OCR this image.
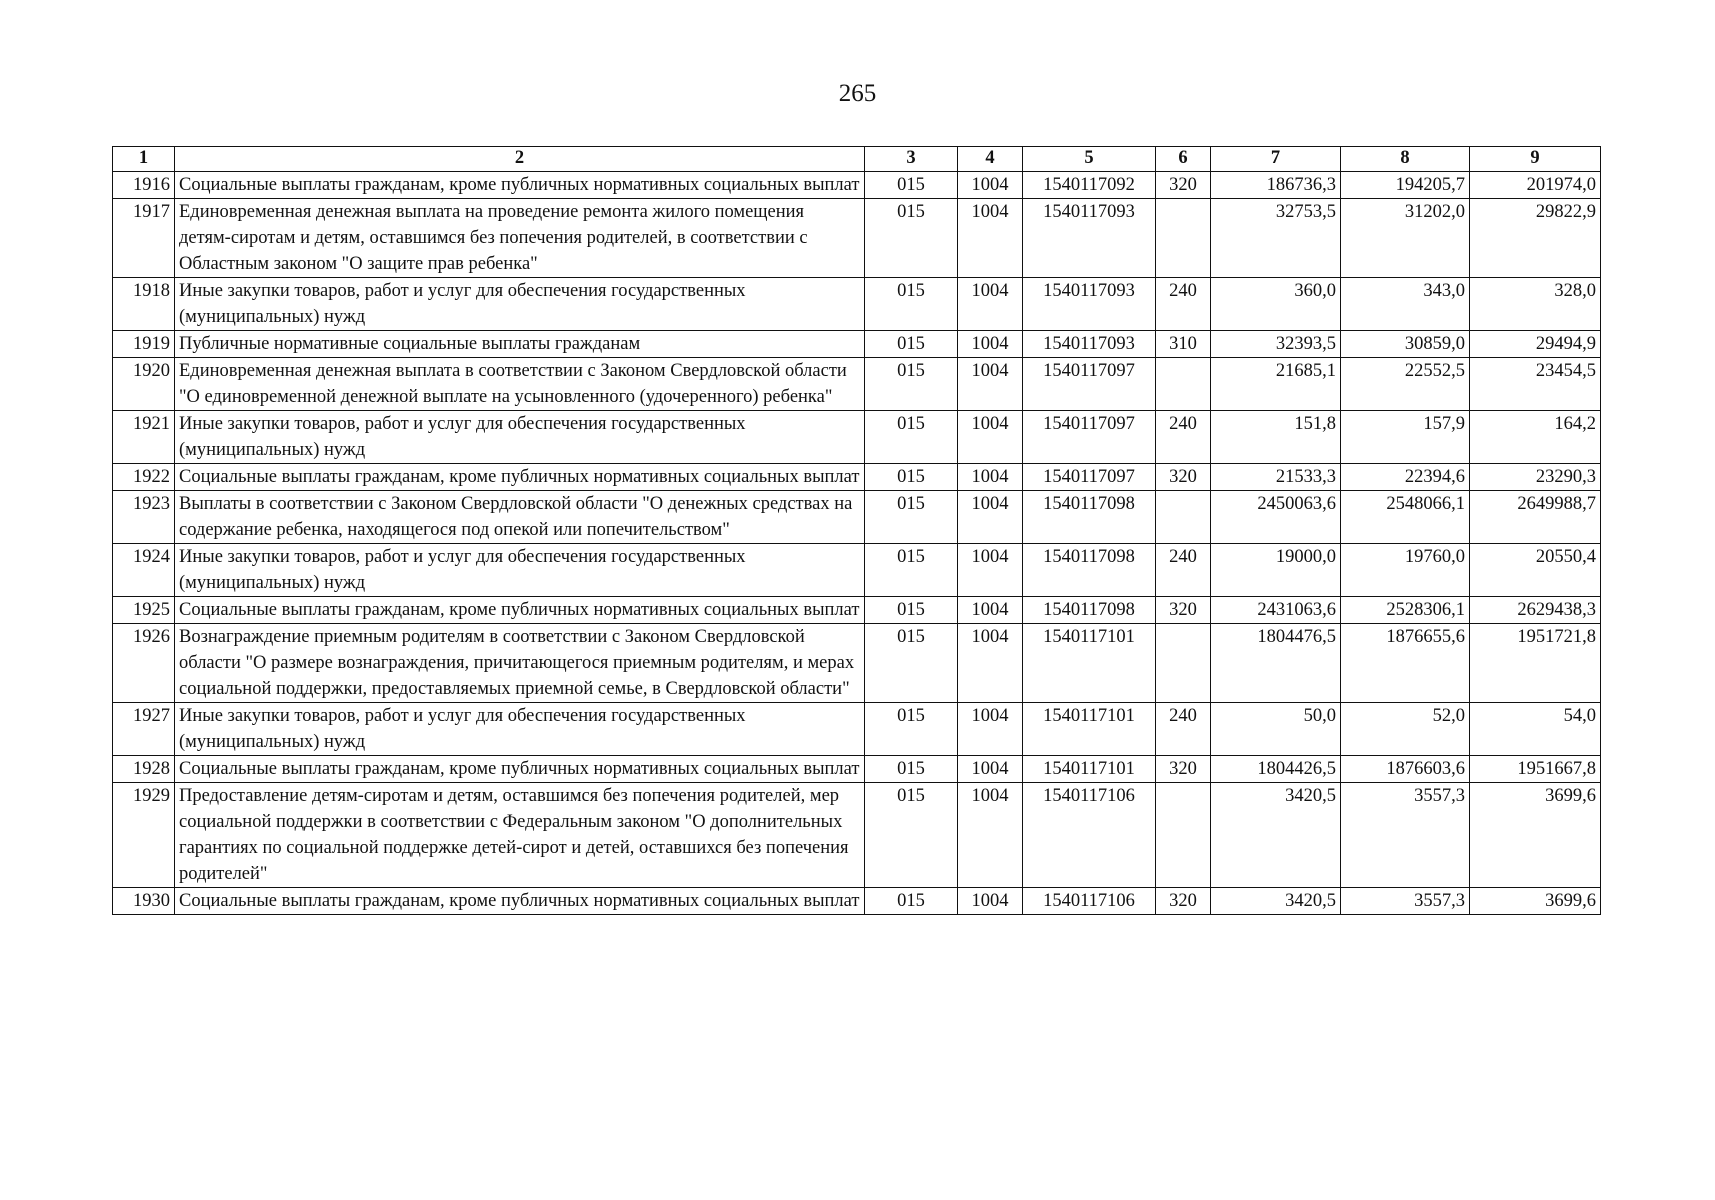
265
1	2	3	4	5	6	7	8	9
1916	Социальные выплаты гражданам, кроме публичных нормативных социальных выплат	015	1004	1540117092	320	186736,3	194205,7	201974,0
1917	Единовременная денежная выплата на проведение ремонта жилого помещения детям-сиротам и детям, оставшимся без попечения родителей, в соответствии с Областным законом "О защите прав ребенка"	015	1004	1540117093		32753,5	31202,0	29822,9
1918	Иные закупки товаров, работ и услуг для обеспечения государственных (муниципальных) нужд	015	1004	1540117093	240	360,0	343,0	328,0
1919	Публичные нормативные социальные выплаты гражданам	015	1004	1540117093	310	32393,5	30859,0	29494,9
1920	Единовременная денежная выплата в соответствии с Законом Свердловской области "О единовременной денежной выплате на усыновленного (удочеренного) ребенка"	015	1004	1540117097		21685,1	22552,5	23454,5
1921	Иные закупки товаров, работ и услуг для обеспечения государственных (муниципальных) нужд	015	1004	1540117097	240	151,8	157,9	164,2
1922	Социальные выплаты гражданам, кроме публичных нормативных социальных выплат	015	1004	1540117097	320	21533,3	22394,6	23290,3
1923	Выплаты в соответствии с Законом Свердловской области "О денежных средствах на содержание ребенка, находящегося под опекой или попечительством"	015	1004	1540117098		2450063,6	2548066,1	2649988,7
1924	Иные закупки товаров, работ и услуг для обеспечения государственных (муниципальных) нужд	015	1004	1540117098	240	19000,0	19760,0	20550,4
1925	Социальные выплаты гражданам, кроме публичных нормативных социальных выплат	015	1004	1540117098	320	2431063,6	2528306,1	2629438,3
1926	Вознаграждение приемным родителям в соответствии с Законом Свердловской области "О размере вознаграждения, причитающегося приемным родителям, и мерах социальной поддержки, предоставляемых приемной семье, в Свердловской области"	015	1004	1540117101		1804476,5	1876655,6	1951721,8
1927	Иные закупки товаров, работ и услуг для обеспечения государственных (муниципальных) нужд	015	1004	1540117101	240	50,0	52,0	54,0
1928	Социальные выплаты гражданам, кроме публичных нормативных социальных выплат	015	1004	1540117101	320	1804426,5	1876603,6	1951667,8
1929	Предоставление детям-сиротам и детям, оставшимся без попечения родителей, мер социальной поддержки в соответствии с Федеральным законом "О дополнительных гарантиях по социальной поддержке детей-сирот и детей, оставшихся без попечения родителей"	015	1004	1540117106		3420,5	3557,3	3699,6
1930	Социальные выплаты гражданам, кроме публичных нормативных социальных выплат	015	1004	1540117106	320	3420,5	3557,3	3699,6
